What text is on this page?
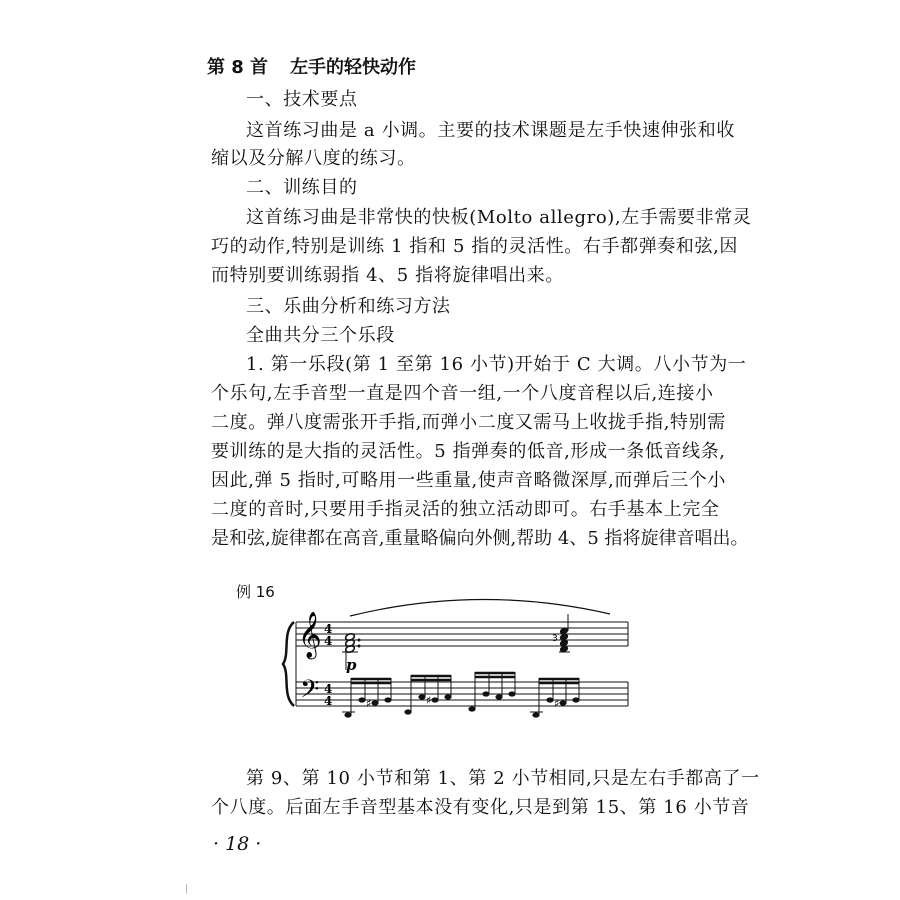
第 8 首 左手的轻快动作
一、技术要点
这首练习曲是 a 小调。主要的技术课题是左手快速伸张和收
缩以及分解八度的练习。
二、训练目的
这首练习曲是非常快的快板(Molto allegro),左手需要非常灵
巧的动作,特别是训练 1 指和 5 指的灵活性。右手都弹奏和弦,因
而特别要训练弱指 4、5 指将旋律唱出来。
三、乐曲分析和练习方法
全曲共分三个乐段
1. 第一乐段(第 1 至第 16 小节)开始于 C 大调。八小节为一
个乐句,左手音型一直是四个音一组,一个八度音程以后,连接小
二度。弹八度需张开手指,而弹小二度又需马上收拢手指,特别需
要训练的是大指的灵活性。5 指弹奏的低音,形成一条低音线条,
因此,弹 5 指时,可略用一些重量,使声音略微深厚,而弹后三个小
二度的音时,只要用手指灵活的独立活动即可。右手基本上完全
是和弦,旋律都在高音,重量略偏向外侧,帮助 4、5 指将旋律音唱出。
例 16
𝄞
𝄢
4
4
4
4
p
3
♯	♯	♯
第 9、第 10 小节和第 1、第 2 小节相同,只是左右手都高了一
个八度。后面左手音型基本没有变化,只是到第 15、第 16 小节音
· 18 ·
